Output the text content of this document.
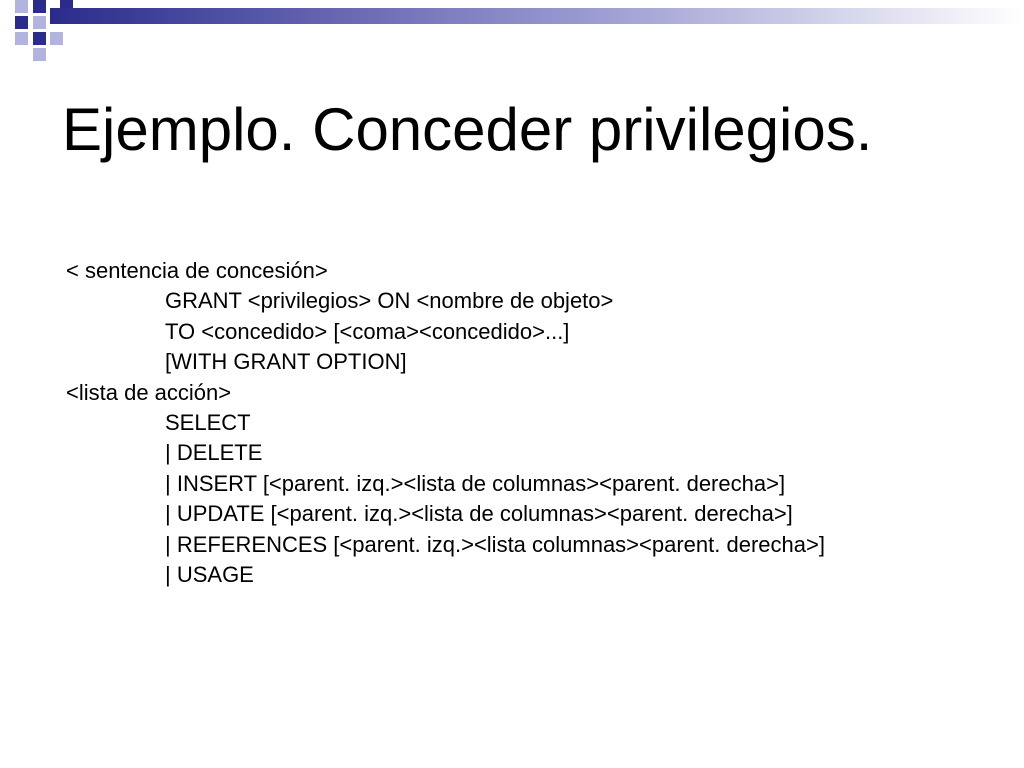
Ejemplo. Conceder privilegios.
< sentencia de concesión>
GRANT <privilegios> ON <nombre de objeto>
TO <concedido> [<coma><concedido>...]
[WITH GRANT OPTION]
<lista de acción>
SELECT
| DELETE
| INSERT [<parent. izq.><lista de columnas><parent. derecha>]
| UPDATE [<parent. izq.><lista de columnas><parent. derecha>]
| REFERENCES [<parent. izq.><lista columnas><parent. derecha>]
| USAGE
